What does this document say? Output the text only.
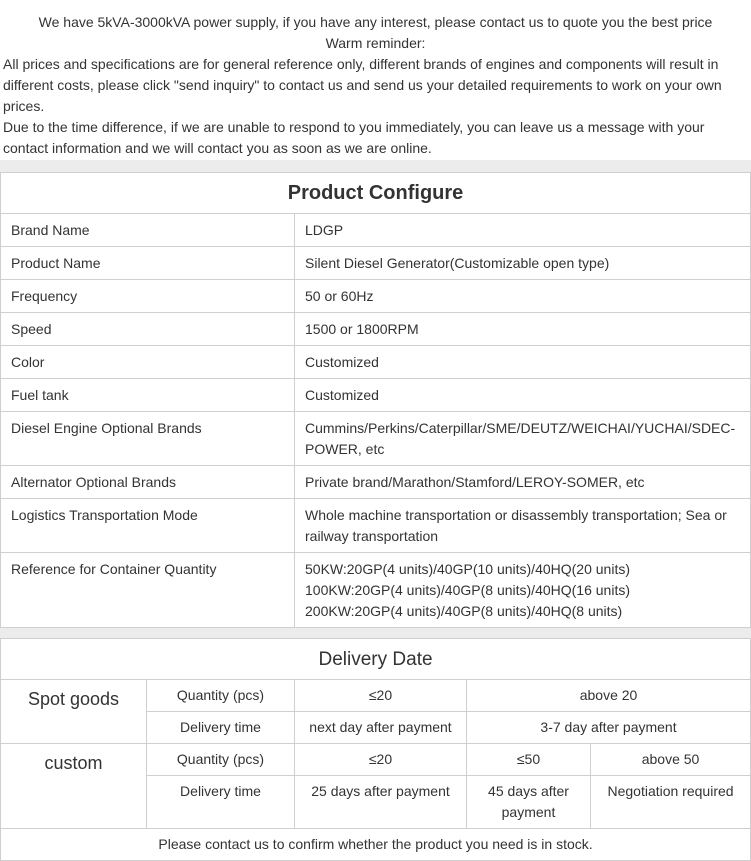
We have 5kVA-3000kVA power supply, if you have any interest, please contact us to quote you the best price

Warm reminder:

All prices and specifications are for general reference only, different brands of engines and components will result in different costs, please click "send inquiry" to contact us and send us your detailed requirements to work on your own prices.

Due to the time difference, if we are unable to respond to you immediately, you can leave us a message with your contact information and we will contact you as soon as we are online.

Product Configure	
Brand Name	LDGP
Product Name	Silent Diesel Generator(Customizable open type)
Frequency	50 or 60Hz
Speed	1500 or 1800RPM
Color	Customized
Fuel tank	Customized
Diesel Engine Optional Brands	Cummins/Perkins/Caterpillar/SME/DEUTZ/WEICHAI/YUCHAI/SDEC-POWER, etc
Alternator Optional Brands	Private brand/Marathon/Stamford/LEROY-SOMER, etc
Logistics Transportation Mode	Whole machine transportation or disassembly transportation; Sea or railway transportation
Reference for Container Quantity	50KW:20GP(4 units)/40GP(10 units)/40HQ(20 units)
100KW:20GP(4 units)/40GP(8 units)/40HQ(16 units)
200KW:20GP(4 units)/40GP(8 units)/40HQ(8 units)
Delivery Date				
Spot goods	Quantity (pcs)	≤20	above 20	
	Delivery time	next day after payment	3-7 day after payment	
custom	Quantity (pcs)	≤20	≤50	above 50
	Delivery time	25 days after payment	45 days after payment	Negotiation required
Please contact us to confirm whether the product you need is in stock.				
